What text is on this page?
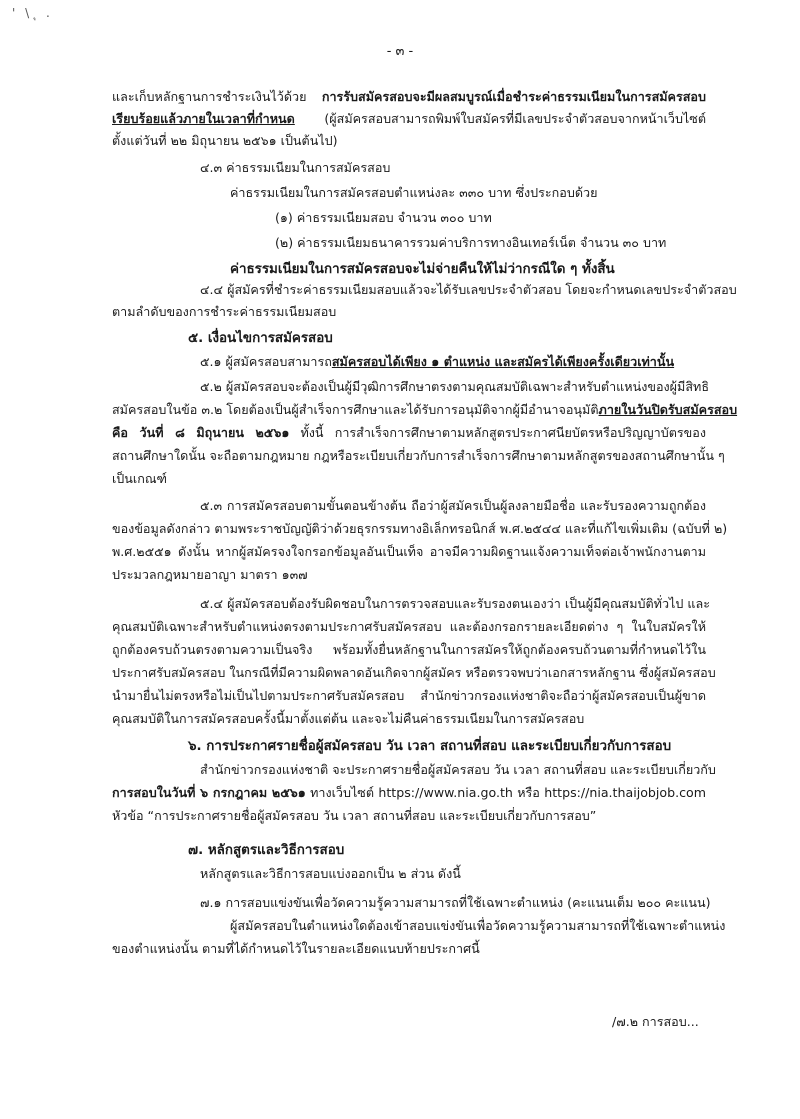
' \ ุ .
- ๓ -
และเก็บหลักฐานการชำระเงินไว้ด้วย การรับสมัครสอบจะมีผลสมบูรณ์เมื่อชำระค่าธรรมเนียมในการสมัครสอบ
เรียบร้อยแล้วภายในเวลาที่กำหนด (ผู้สมัครสอบสามารถพิมพ์ใบสมัครที่มีเลขประจำตัวสอบจากหน้าเว็บไซต์
ตั้งแต่วันที่ ๒๒ มิถุนายน ๒๕๖๑ เป็นต้นไป)
๔.๓ ค่าธรรมเนียมในการสมัครสอบ
ค่าธรรมเนียมในการสมัครสอบตำแหน่งละ ๓๓๐ บาท ซึ่งประกอบด้วย
(๑) ค่าธรรมเนียมสอบ จำนวน ๓๐๐ บาท
(๒) ค่าธรรมเนียมธนาคารรวมค่าบริการทางอินเทอร์เน็ต จำนวน ๓๐ บาท
ค่าธรรมเนียมในการสมัครสอบจะไม่จ่ายคืนให้ไม่ว่ากรณีใด ๆ ทั้งสิ้น
๔.๔ ผู้สมัครที่ชำระค่าธรรมเนียมสอบแล้วจะได้รับเลขประจำตัวสอบ โดยจะกำหนดเลขประจำตัวสอบ
ตามลำดับของการชำระค่าธรรมเนียมสอบ
๕. เงื่อนไขการสมัครสอบ
๕.๑ ผู้สมัครสอบสามารถสมัครสอบได้เพียง ๑ ตำแหน่ง และสมัครได้เพียงครั้งเดียวเท่านั้น
๕.๒ ผู้สมัครสอบจะต้องเป็นผู้มีวุฒิการศึกษาตรงตามคุณสมบัติเฉพาะสำหรับตำแหน่งของผู้มีสิทธิ
สมัครสอบในข้อ ๓.๒ โดยต้องเป็นผู้สำเร็จการศึกษาและได้รับการอนุมัติจากผู้มีอำนาจอนุมัติภายในวันปิดรับสมัครสอบ
คือ วันที่ ๘ มิถุนายน ๒๕๖๑ ทั้งนี้ การสำเร็จการศึกษาตามหลักสูตรประกาศนียบัตรหรือปริญญาบัตรของ
สถานศึกษาใดนั้น จะถือตามกฎหมาย กฎหรือระเบียบเกี่ยวกับการสำเร็จการศึกษาตามหลักสูตรของสถานศึกษานั้น ๆ
เป็นเกณฑ์
๕.๓ การสมัครสอบตามขั้นตอนข้างต้น ถือว่าผู้สมัครเป็นผู้ลงลายมือชื่อ และรับรองความถูกต้อง
ของข้อมูลดังกล่าว ตามพระราชบัญญัติว่าด้วยธุรกรรมทางอิเล็กทรอนิกส์ พ.ศ.๒๕๔๔ และที่แก้ไขเพิ่มเติม (ฉบับที่ ๒)
พ.ศ.๒๕๕๑ ดังนั้น หากผู้สมัครจงใจกรอกข้อมูลอันเป็นเท็จ อาจมีความผิดฐานแจ้งความเท็จต่อเจ้าพนักงานตาม
ประมวลกฎหมายอาญา มาตรา ๑๓๗
๕.๔ ผู้สมัครสอบต้องรับผิดชอบในการตรวจสอบและรับรองตนเองว่า เป็นผู้มีคุณสมบัติทั่วไป และ
คุณสมบัติเฉพาะสำหรับตำแหน่งตรงตามประกาศรับสมัครสอบ และต้องกรอกรายละเอียดต่าง ๆ ในใบสมัครให้
ถูกต้องครบถ้วนตรงตามความเป็นจริง พร้อมทั้งยื่นหลักฐานในการสมัครให้ถูกต้องครบถ้วนตามที่กำหนดไว้ใน
ประกาศรับสมัครสอบ ในกรณีที่มีความผิดพลาดอันเกิดจากผู้สมัคร หรือตรวจพบว่าเอกสารหลักฐาน ซึ่งผู้สมัครสอบ
นำมายื่นไม่ตรงหรือไม่เป็นไปตามประกาศรับสมัครสอบ สำนักข่าวกรองแห่งชาติจะถือว่าผู้สมัครสอบเป็นผู้ขาด
คุณสมบัติในการสมัครสอบครั้งนี้มาตั้งแต่ต้น และจะไม่คืนค่าธรรมเนียมในการสมัครสอบ
๖. การประกาศรายชื่อผู้สมัครสอบ วัน เวลา สถานที่สอบ และระเบียบเกี่ยวกับการสอบ
สำนักข่าวกรองแห่งชาติ จะประกาศรายชื่อผู้สมัครสอบ วัน เวลา สถานที่สอบ และระเบียบเกี่ยวกับ
การสอบในวันที่ ๖ กรกฎาคม ๒๕๖๑ ทางเว็บไซต์ https://www.nia.go.th หรือ https://nia.thaijobjob.com
หัวข้อ “การประกาศรายชื่อผู้สมัครสอบ วัน เวลา สถานที่สอบ และระเบียบเกี่ยวกับการสอบ”
๗. หลักสูตรและวิธีการสอบ
หลักสูตรและวิธีการสอบแบ่งออกเป็น ๒ ส่วน ดังนี้
๗.๑ การสอบแข่งขันเพื่อวัดความรู้ความสามารถที่ใช้เฉพาะตำแหน่ง (คะแนนเต็ม ๒๐๐ คะแนน)
ผู้สมัครสอบในตำแหน่งใดต้องเข้าสอบแข่งขันเพื่อวัดความรู้ความสามารถที่ใช้เฉพาะตำแหน่ง
ของตำแหน่งนั้น ตามที่ได้กำหนดไว้ในรายละเอียดแนบท้ายประกาศนี้
/๗.๒ การสอบ...
